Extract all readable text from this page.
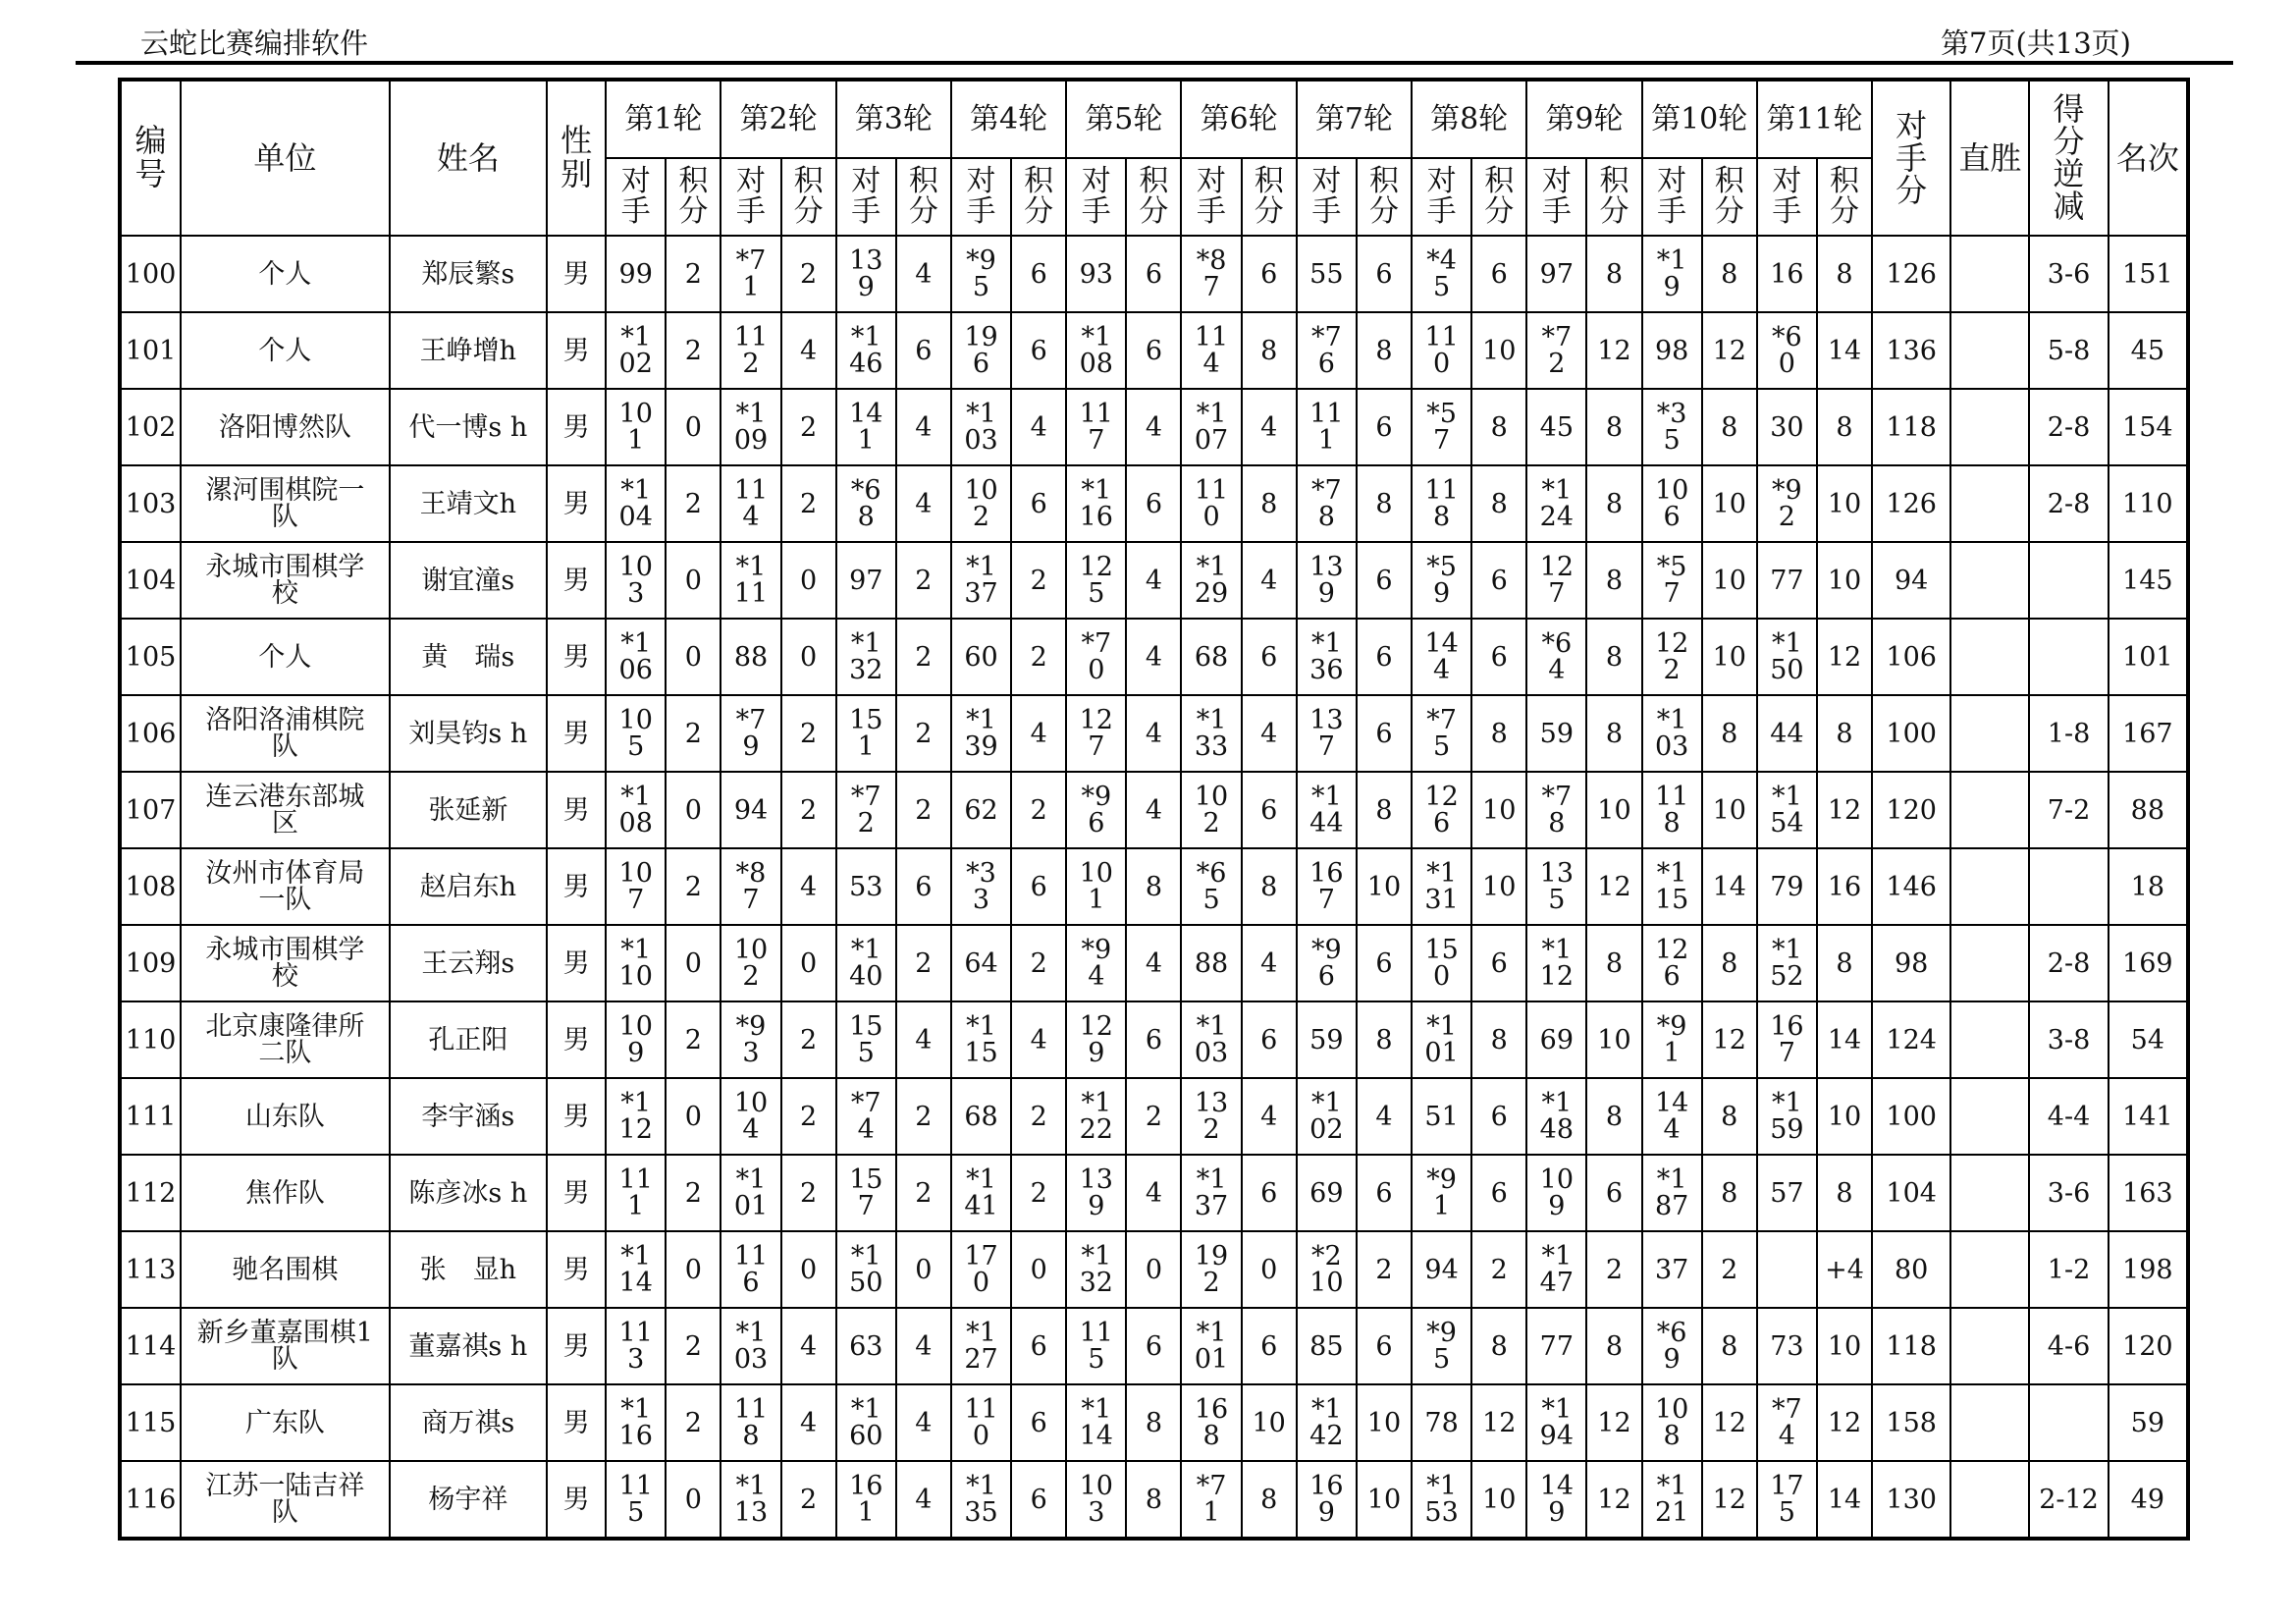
云蛇比赛编排软件	第7页(共13页)
编号	单位	姓名	性别	第1轮		第2轮		第3轮		第4轮		第5轮		第6轮		第7轮		第8轮		第9轮		第10轮		第11轮		对手分	直胜	得分逆减	名次
				对手	积分	对手	积分	对手	积分	对手	积分	对手	积分	对手	积分	对手	积分	对手	积分	对手	积分	对手	积分	对手	积分				
100	个人	郑辰繁s	男	99	2	*71	2	139	4	*95	6	93	6	*87	6	55	6	*45	6	97	8	*19	8	16	8	126		3-6	151
101	个人	王峥增h	男	*102	2	112	4	*146	6	196	6	*108	6	114	8	*76	8	110	10	*72	12	98	12	*60	14	136		5-8	45
102	洛阳博然队	代一博s h	男	101	0	*109	2	141	4	*103	4	117	4	*107	4	111	6	*57	8	45	8	*35	8	30	8	118		2-8	154
103	漯河围棋院一队	王靖文h	男	*104	2	114	2	*68	4	102	6	*116	6	110	8	*78	8	118	8	*124	8	106	10	*92	10	126		2-8	110
104	永城市围棋学校	谢宜潼s	男	103	0	*111	0	97	2	*137	2	125	4	*129	4	139	6	*59	6	127	8	*57	10	77	10	94			145
105	个人	黄　瑞s	男	*106	0	88	0	*132	2	60	2	*70	4	68	6	*136	6	144	6	*64	8	122	10	*150	12	106			101
106	洛阳洛浦棋院队	刘昊钧s h	男	105	2	*79	2	151	2	*139	4	127	4	*133	4	137	6	*75	8	59	8	*103	8	44	8	100		1-8	167
107	连云港东部城区	张延新	男	*108	0	94	2	*72	2	62	2	*96	4	102	6	*144	8	126	10	*78	10	118	10	*154	12	120		7-2	88
108	汝州市体育局一队	赵启东h	男	107	2	*87	4	53	6	*33	6	101	8	*65	8	167	10	*131	10	135	12	*115	14	79	16	146			18
109	永城市围棋学校	王云翔s	男	*110	0	102	0	*140	2	64	2	*94	4	88	4	*96	6	150	6	*112	8	126	8	*152	8	98		2-8	169
110	北京康隆律所二队	孔正阳	男	109	2	*93	2	155	4	*115	4	129	6	*103	6	59	8	*101	8	69	10	*91	12	167	14	124		3-8	54
111	山东队	李宇涵s	男	*112	0	104	2	*74	2	68	2	*122	2	132	4	*102	4	51	6	*148	8	144	8	*159	10	100		4-4	141
112	焦作队	陈彦冰s h	男	111	2	*101	2	157	2	*141	2	139	4	*137	6	69	6	*91	6	109	6	*187	8	57	8	104		3-6	163
113	驰名围棋	张　显h	男	*114	0	116	0	*150	0	170	0	*132	0	192	0	*210	2	94	2	*147	2	37	2		+4	80		1-2	198
114	新乡董嘉围棋1队	董嘉祺s h	男	113	2	*103	4	63	4	*127	6	115	6	*101	6	85	6	*95	8	77	8	*69	8	73	10	118		4-6	120
115	广东队	商万祺s	男	*116	2	118	4	*160	4	110	6	*114	8	168	10	*142	10	78	12	*194	12	108	12	*74	12	158			59
116	江苏一陆吉祥队	杨宇祥	男	115	0	*113	2	161	4	*135	6	103	8	*71	8	169	10	*153	10	149	12	*121	12	175	14	130		2-12	49
